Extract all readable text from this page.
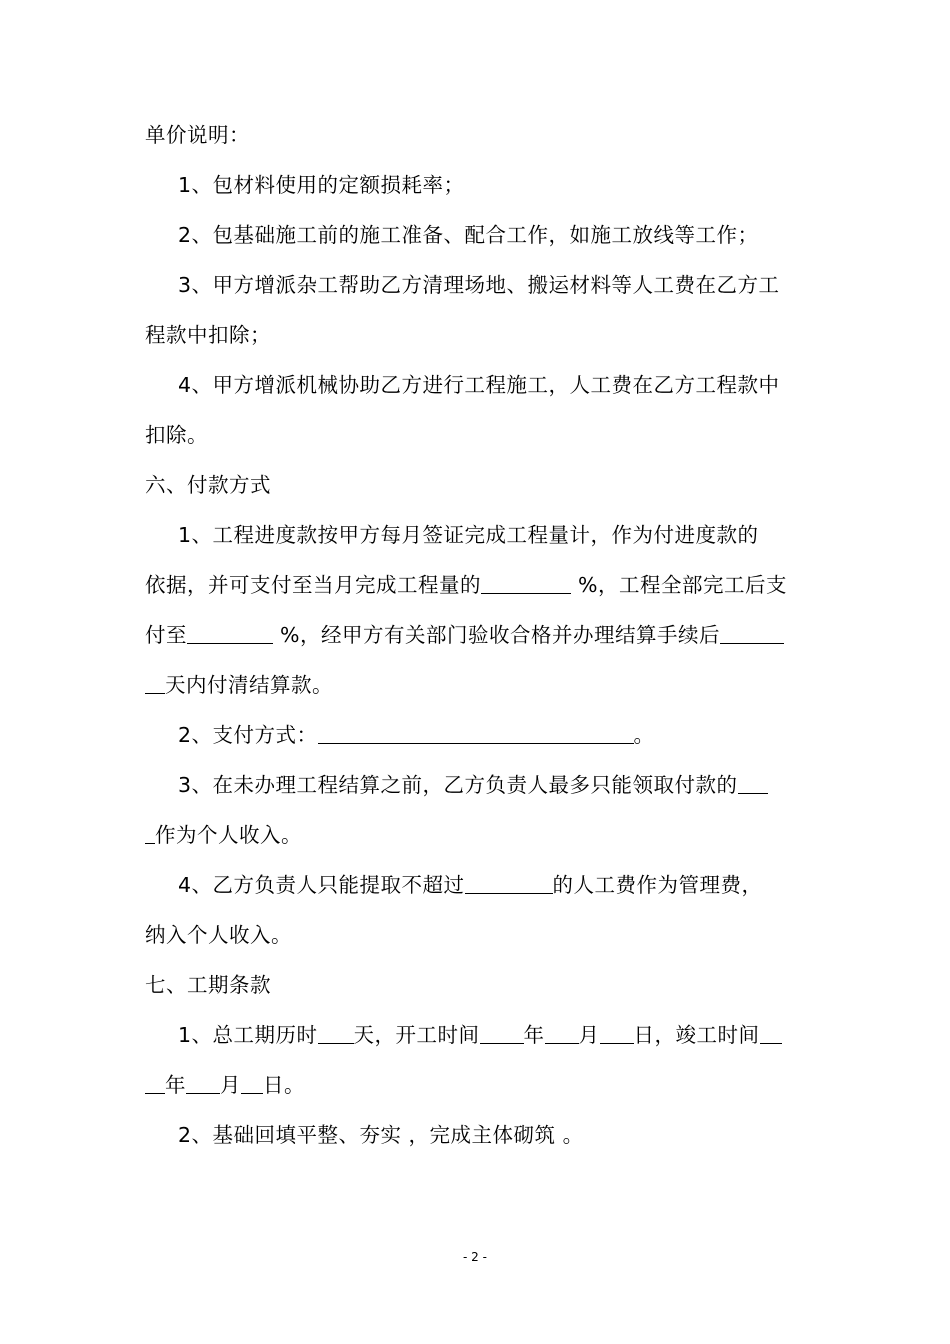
单价说明：
1、包材料使用的定额损耗率；
2、包基础施工前的施工准备、配合工作，如施工放线等工作；
3、甲方增派杂工帮助乙方清理场地、搬运材料等人工费在乙方工
程款中扣除；
4、甲方增派机械协助乙方进行工程施工，人工费在乙方工程款中
扣除。
六、付款方式
1、工程进度款按甲方每月签证完成工程量计，作为付进度款的
依据，并可支付至当月完成工程量的	%，工程全部完工后支
付至	%，经甲方有关部门验收合格并办理结算手续后
天内付清结算款。
2、支付方式：	。
3、在未办理工程结算之前，乙方负责人最多只能领取付款的
作为个人收入。
4、乙方负责人只能提取不超过	的人工费作为管理费，
纳入个人收入。
七、工期条款
1、总工期历时 天，开工时间 年 月 日，竣工时间
年 月 日。
2、基础回填平整、夯实 ，完成主体砌筑 。
- 2 -
